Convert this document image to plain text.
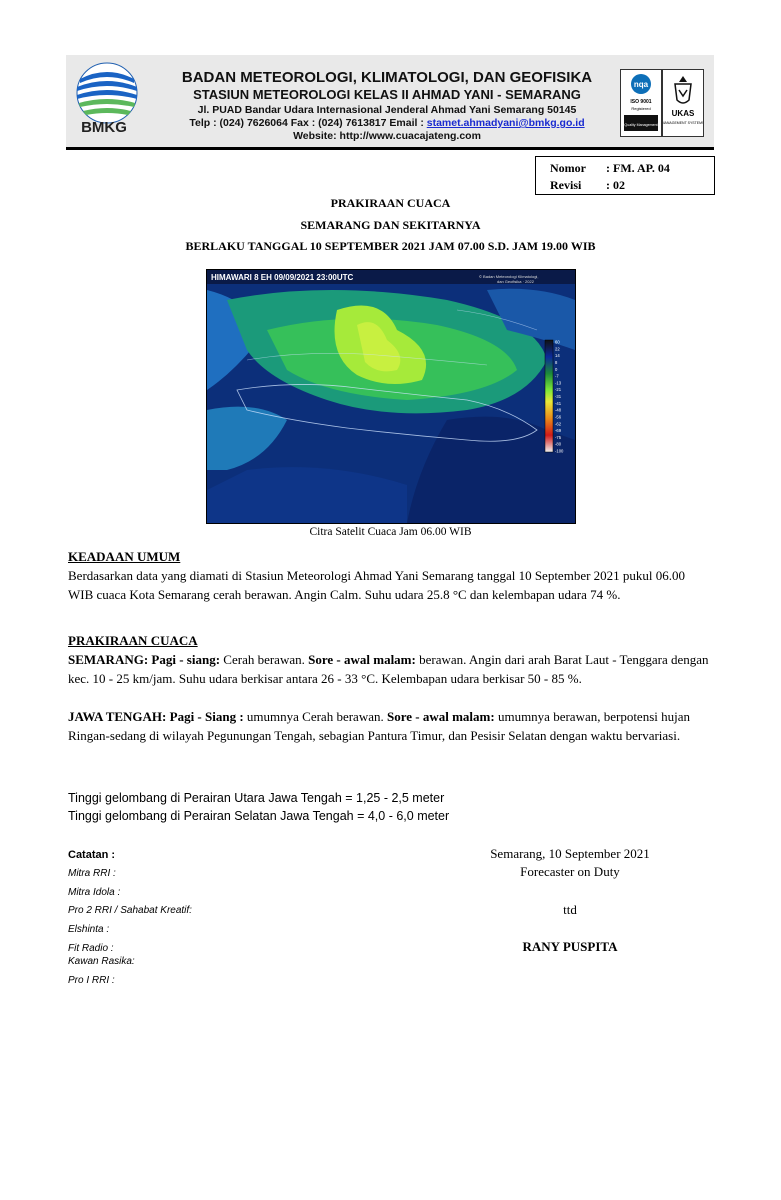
BMKG
BADAN METEOROLOGI, KLIMATOLOGI, DAN GEOFISIKA
STASIUN METEOROLOGI KELAS II AHMAD YANI - SEMARANG
Jl. PUAD Bandar Udara Internasional Jenderal Ahmad Yani Semarang 50145
Telp : (024) 7626064 Fax : (024) 7613817 Email : stamet.ahmadyani@bmkg.go.id
Website: http://www.cuacajateng.com
nqa
ISO 9001
Registered
Quality Management
UKAS
MANAGEMENT SYSTEMS
Nomor : FM. AP. 04
Revisi : 02
PRAKIRAAN CUACA
SEMARANG DAN SEKITARNYA
BERLAKU TANGGAL 10 SEPTEMBER 2021 JAM 07.00 S.D. JAM 19.00 WIB
HIMAWARI 8 EH 09/09/2021 23:00UTC	© Badan Meteorologi Klimatologi,
dan Geofisika · 2022
60
22
14
8
0
-7
-13
-21
-31
-41
-48
-56
-62
-69
-75
-80
-100
Citra Satelit Cuaca Jam 06.00 WIB
KEADAAN UMUM
Berdasarkan data yang diamati di Stasiun Meteorologi Ahmad Yani Semarang tanggal 10 September 2021 pukul 06.00 WIB cuaca Kota Semarang cerah berawan. Angin Calm. Suhu udara 25.8 °C dan kelembapan udara 74 %.
PRAKIRAAN CUACA
SEMARANG: Pagi - siang: Cerah berawan. Sore - awal malam: berawan. Angin dari arah Barat Laut - Tenggara dengan kec. 10 - 25 km/jam. Suhu udara berkisar antara 26 - 33 °C. Kelembapan udara berkisar 50 - 85 %.
JAWA TENGAH: Pagi - Siang : umumnya Cerah berawan. Sore - awal malam: umumnya berawan, berpotensi hujan Ringan-sedang di wilayah Pegunungan Tengah, sebagian Pantura Timur, dan Pesisir Selatan dengan waktu bervariasi.
Tinggi gelombang di Perairan Utara Jawa Tengah = 1,25 - 2,5 meter
Tinggi gelombang di Perairan Selatan Jawa Tengah = 4,0 - 6,0 meter
Catatan :
Mitra RRI :
Mitra Idola :
Pro 2 RRI / Sahabat Kreatif:
Elshinta :
Fit Radio :
Kawan Rasika:
Pro I RRI :
Semarang, 10 September 2021
Forecaster on Duty
ttd
RANY PUSPITA
